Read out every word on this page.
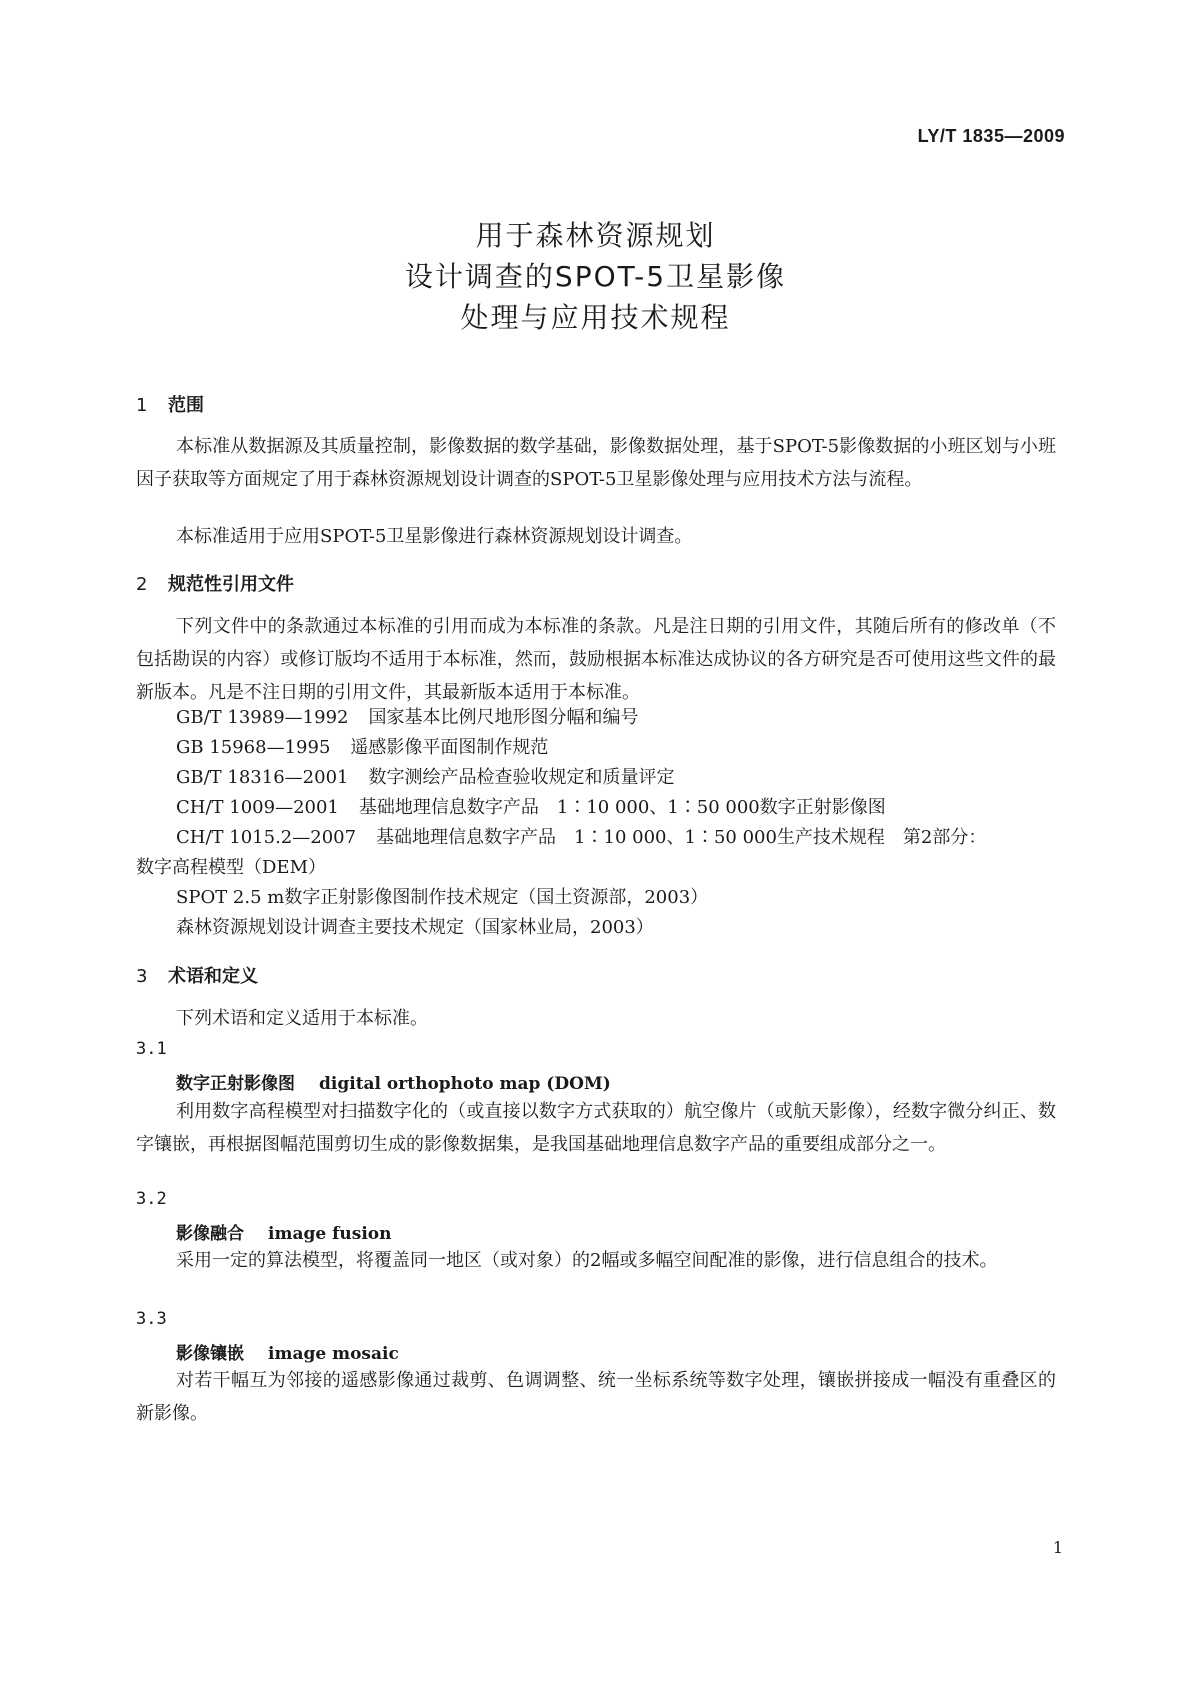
LY/T 1835—2009
用于森林资源规划
设计调查的SPOT-5卫星影像
处理与应用技术规程
1 范围
本标准从数据源及其质量控制，影像数据的数学基础，影像数据处理，基于SPOT-5影像数据的小班区划与小班因子获取等方面规定了用于森林资源规划设计调查的SPOT-5卫星影像处理与应用技术方法与流程。
本标准适用于应用SPOT-5卫星影像进行森林资源规划设计调查。
2 规范性引用文件
下列文件中的条款通过本标准的引用而成为本标准的条款。凡是注日期的引用文件，其随后所有的修改单（不包括勘误的内容）或修订版均不适用于本标准，然而，鼓励根据本标准达成协议的各方研究是否可使用这些文件的最新版本。凡是不注日期的引用文件，其最新版本适用于本标准。
GB/T 13989—1992 国家基本比例尺地形图分幅和编号
GB 15968—1995 遥感影像平面图制作规范
GB/T 18316—2001 数字测绘产品检查验收规定和质量评定
CH/T 1009—2001 基础地理信息数字产品　1∶10 000、1∶50 000数字正射影像图
CH/T 1015.2—2007 基础地理信息数字产品　1∶10 000、1∶50 000生产技术规程　第2部分：
数字高程模型（DEM）
SPOT 2.5 m数字正射影像图制作技术规定（国土资源部，2003）
森林资源规划设计调查主要技术规定（国家林业局，2003）
3 术语和定义
下列术语和定义适用于本标准。
3.1
数字正射影像图 digital orthophoto map (DOM)
利用数字高程模型对扫描数字化的（或直接以数字方式获取的）航空像片（或航天影像），经数字微分纠正、数字镶嵌，再根据图幅范围剪切生成的影像数据集，是我国基础地理信息数字产品的重要组成部分之一。
3.2
影像融合 image fusion
采用一定的算法模型，将覆盖同一地区（或对象）的2幅或多幅空间配准的影像，进行信息组合的技术。
3.3
影像镶嵌 image mosaic
对若干幅互为邻接的遥感影像通过裁剪、色调调整、统一坐标系统等数字处理，镶嵌拼接成一幅没有重叠区的新影像。
1
